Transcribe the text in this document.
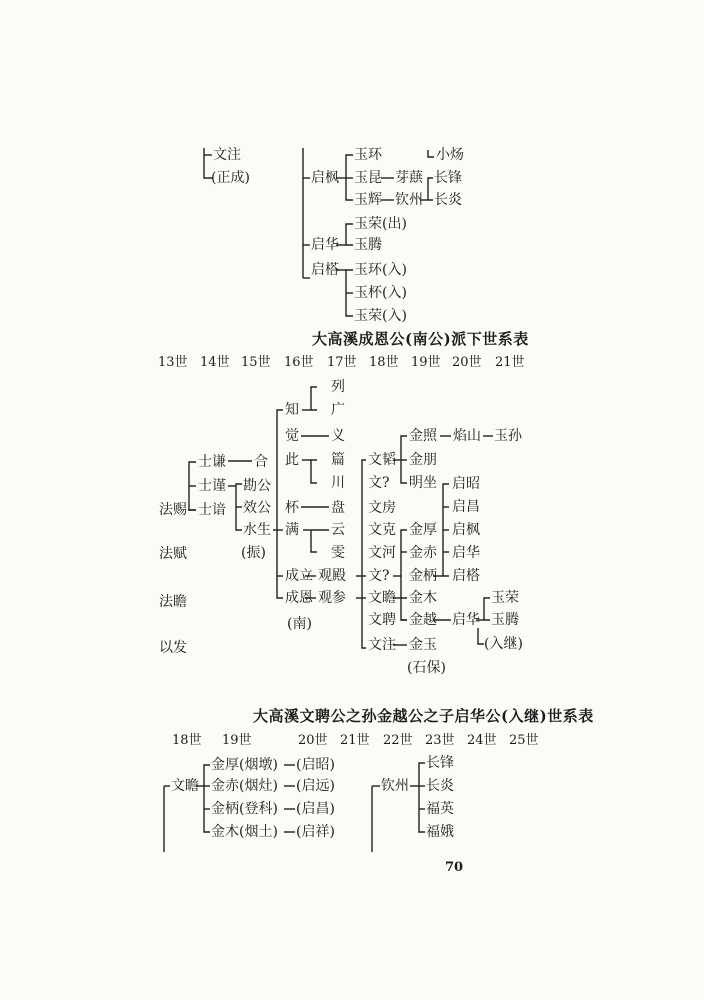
文注
(正成)	启枫
启华
启榙
玉环
玉昆 芽蕻
玉辉 钦州
小炀
长锋
长炎
玉荣(出)
玉腾
玉环(入)
玉杯(入)
玉荣(入)
大高溪成恩公(南公)派下世系表
13世 14世 15世 16世 17世 18世 19世 20世 21世
法赐
法赋
法瞻
以发
士谦
士谨
士谙
合
勘公
效公
水生
(振)
知
觉
此
杯
满
成立
成恩
(南)
列
广
义
篇
川
盘
云
雯
观殿
观参
文韬
文?
文房
文克
文河
文?
文瞻
文聘
文注
金照
金朋
明坐
金厚
金赤
金柄
金木
金越
金玉
(石保)
焰山
启昭
启昌
启枫
启华
启榙
启华
玉孙
玉荣
玉腾
(入继)
大高溪文聘公之孙金越公之子启华公(入继)世系表
18世 19世	20世 21世 22世 23世 24世 25世
文瞻
金厚(烟墩)
金赤(烟灶)
金柄(登科)
金木(烟土)
(启昭)
(启远)
(启昌)
(启祥)
钦州
长锋
长炎
福英
福娥
70
